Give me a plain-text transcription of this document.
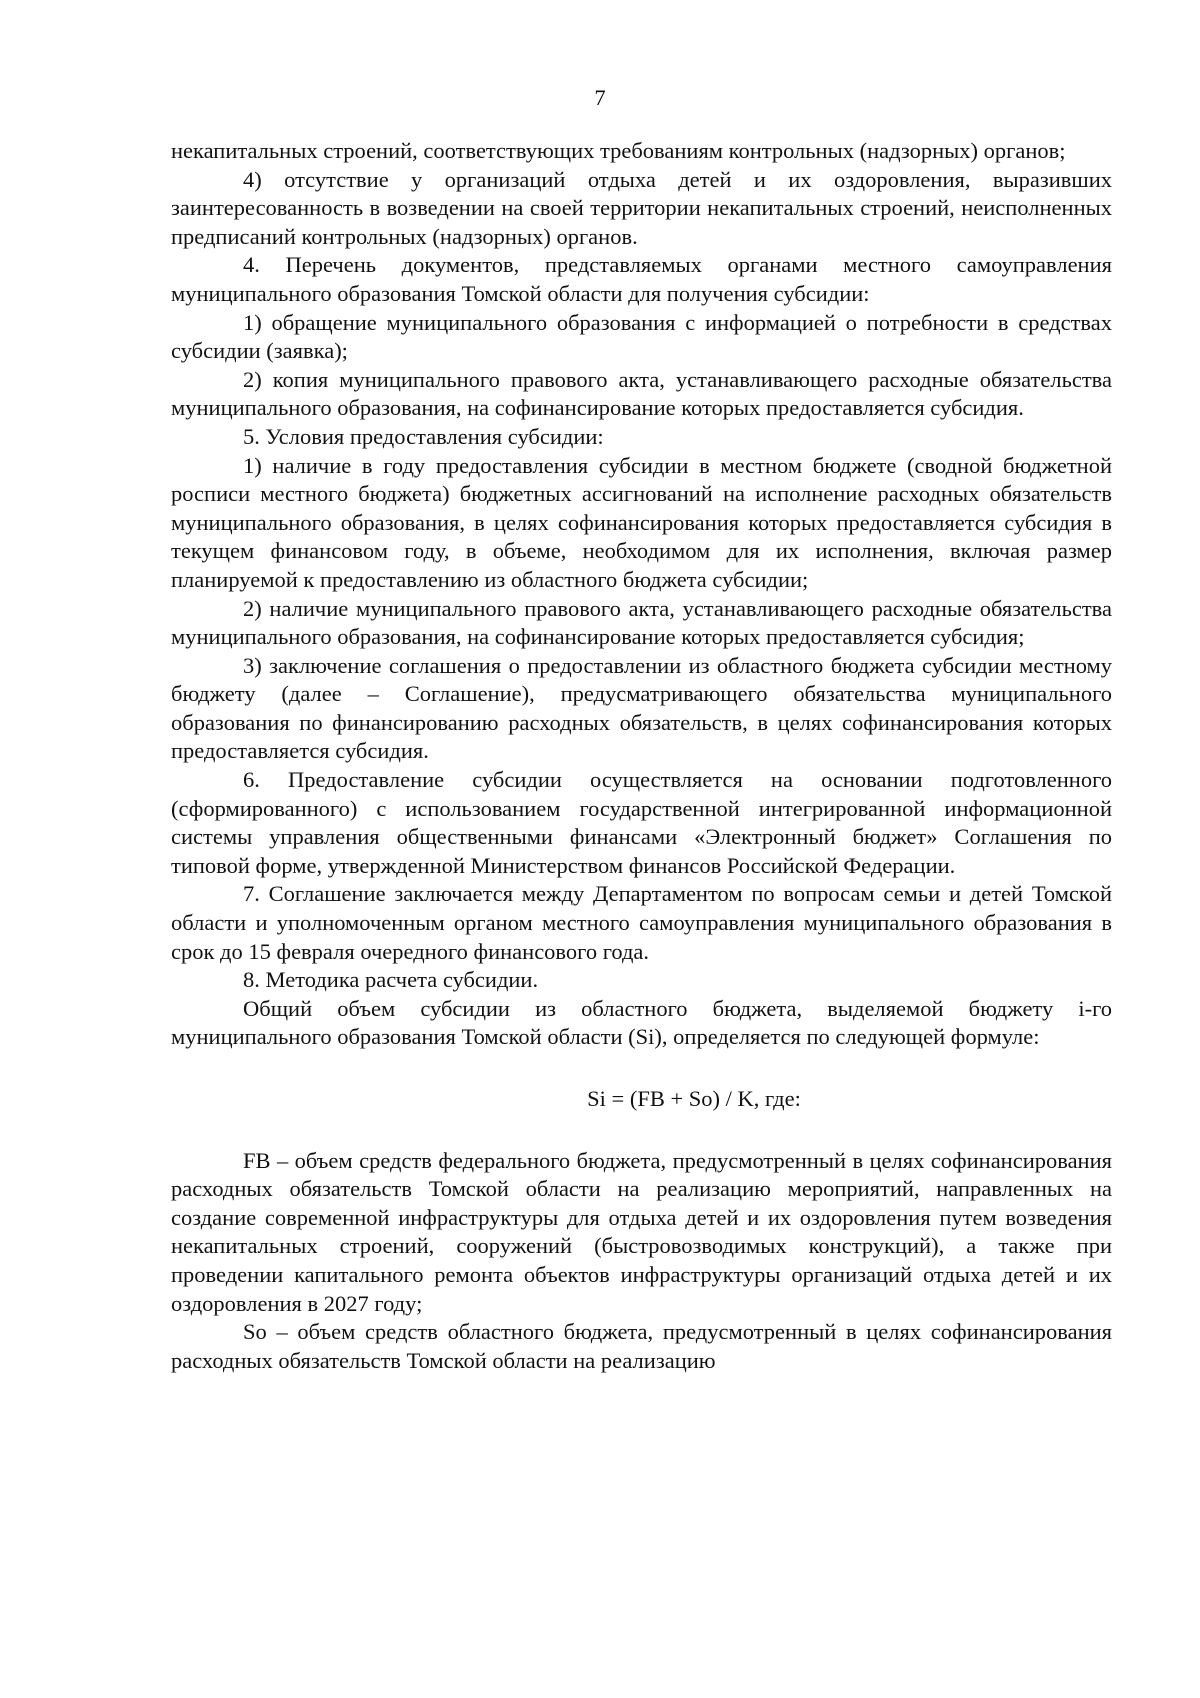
7

некапитальных строений, соответствующих требованиям контрольных (надзорных) органов;

4) отсутствие у организаций отдыха детей и их оздоровления, выразивших заинтересованность в возведении на своей территории некапитальных строений, неисполненных предписаний контрольных (надзорных) органов.

4. Перечень документов, представляемых органами местного самоуправления муниципального образования Томской области для получения субсидии:

1) обращение муниципального образования с информацией о потребности в средствах субсидии (заявка);

2) копия муниципального правового акта, устанавливающего расходные обязательства муниципального образования, на софинансирование которых предоставляется субсидия.

5. Условия предоставления субсидии:

1) наличие в году предоставления субсидии в местном бюджете (сводной бюджетной росписи местного бюджета) бюджетных ассигнований на исполнение расходных обязательств муниципального образования, в целях софинансирования которых предоставляется субсидия в текущем финансовом году, в объеме, необходимом для их исполнения, включая размер планируемой к предоставлению из областного бюджета субсидии;

2) наличие муниципального правового акта, устанавливающего расходные обязательства муниципального образования, на софинансирование которых предоставляется субсидия;

3) заключение соглашения о предоставлении из областного бюджета субсидии местному бюджету (далее – Соглашение), предусматривающего обязательства муниципального образования по финансированию расходных обязательств, в целях софинансирования которых предоставляется субсидия.

6. Предоставление субсидии осуществляется на основании подготовленного (сформированного) с использованием государственной интегрированной информационной системы управления общественными финансами «Электронный бюджет» Соглашения по типовой форме, утвержденной Министерством финансов Российской Федерации.

7. Соглашение заключается между Департаментом по вопросам семьи и детей Томской области и уполномоченным органом местного самоуправления муниципального образования в срок до 15 февраля очередного финансового года.

8. Методика расчета субсидии.

Общий объем субсидии из областного бюджета, выделяемой бюджету i-го муниципального образования Томской области (Si), определяется по следующей формуле:

Si = (FB + So) / K, где:

FB – объем средств федерального бюджета, предусмотренный в целях софинансирования расходных обязательств Томской области на реализацию мероприятий, направленных на создание современной инфраструктуры для отдыха детей и их оздоровления путем возведения некапитальных строений, сооружений (быстровозводимых конструкций), а также при проведении капитального ремонта объектов инфраструктуры организаций отдыха детей и их оздоровления в 2027 году;

So – объем средств областного бюджета, предусмотренный в целях софинансирования расходных обязательств Томской области на реализацию
